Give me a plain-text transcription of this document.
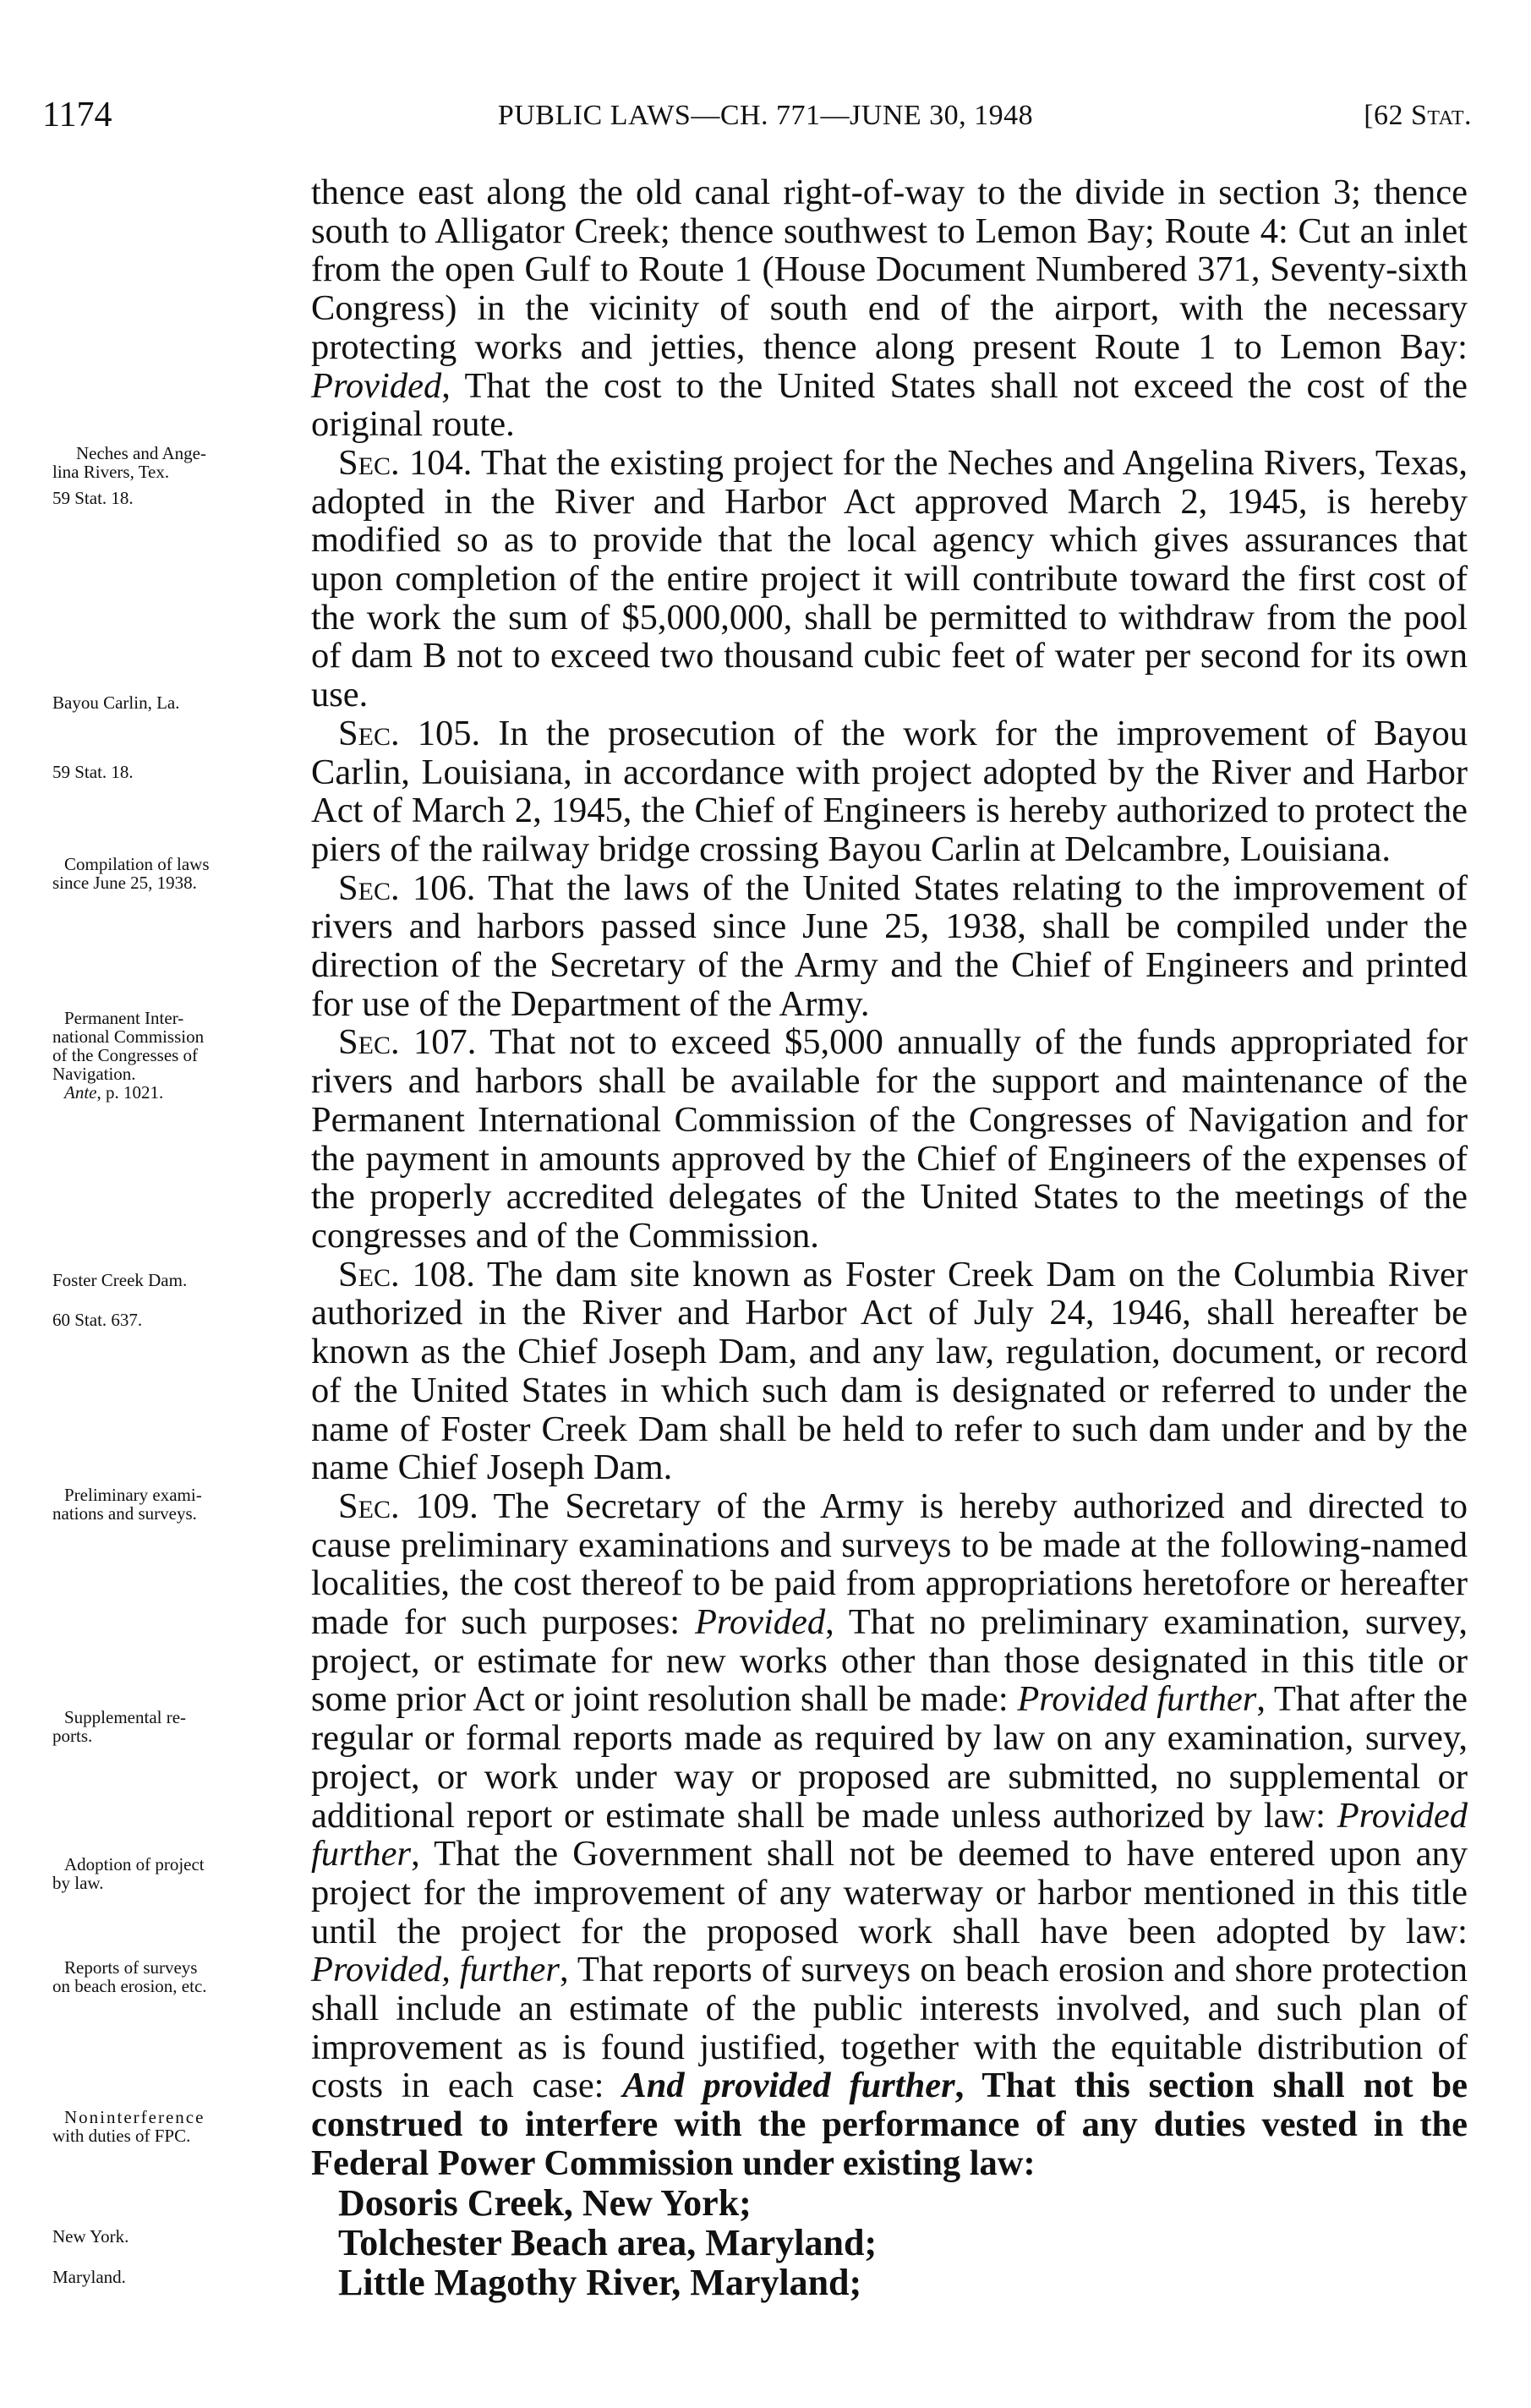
1174	PUBLIC LAWS—CH. 771—JUNE 30, 1948	[62 Stat.
Neches and Ange-
lina Rivers, Tex.
59 Stat. 18.
Bayou Carlin, La.
59 Stat. 18.
Compilation of laws
since June 25, 1938.
Permanent Inter-
national Commission
of the Congresses of
Navigation.
Ante, p. 1021.
Foster Creek Dam.
60 Stat. 637.
Preliminary exami-
nations and surveys.
Supplemental re-
ports.
Adoption of project
by law.
Reports of surveys
on beach erosion, etc.
Noninterference
with duties of FPC.
New York.
Maryland.

thence east along the old canal right-of-way to the divide in section 3; thence south to Alligator Creek; thence southwest to Lemon Bay; Route 4: Cut an inlet from the open Gulf to Route 1 (House Document Numbered 371, Seventy-sixth Congress) in the vicinity of south end of the airport, with the necessary protecting works and jetties, thence along present Route 1 to Lemon Bay: Provided, That the cost to the United States shall not exceed the cost of the original route.

Sec. 104. That the existing project for the Neches and Angelina Rivers, Texas, adopted in the River and Harbor Act approved March 2, 1945, is hereby modified so as to provide that the local agency which gives assurances that upon completion of the entire project it will contribute toward the first cost of the work the sum of $5,000,000, shall be permitted to withdraw from the pool of dam B not to exceed two thousand cubic feet of water per second for its own use.

Sec. 105. In the prosecution of the work for the improvement of Bayou Carlin, Louisiana, in accordance with project adopted by the River and Harbor Act of March 2, 1945, the Chief of Engineers is hereby authorized to protect the piers of the railway bridge crossing Bayou Carlin at Delcambre, Louisiana.

Sec. 106. That the laws of the United States relating to the improvement of rivers and harbors passed since June 25, 1938, shall be compiled under the direction of the Secretary of the Army and the Chief of Engineers and printed for use of the Department of the Army.

Sec. 107. That not to exceed $5,000 annually of the funds appropriated for rivers and harbors shall be available for the support and maintenance of the Permanent International Commission of the Congresses of Navigation and for the payment in amounts approved by the Chief of Engineers of the expenses of the properly accredited delegates of the United States to the meetings of the congresses and of the Commission.

Sec. 108. The dam site known as Foster Creek Dam on the Columbia River authorized in the River and Harbor Act of July 24, 1946, shall hereafter be known as the Chief Joseph Dam, and any law, regulation, document, or record of the United States in which such dam is designated or referred to under the name of Foster Creek Dam shall be held to refer to such dam under and by the name Chief Joseph Dam.

Sec. 109. The Secretary of the Army is hereby authorized and directed to cause preliminary examinations and surveys to be made at the following-named localities, the cost thereof to be paid from appropriations heretofore or hereafter made for such purposes: Provided, That no preliminary examination, survey, project, or estimate for new works other than those designated in this title or some prior Act or joint resolution shall be made: Provided further, That after the regular or formal reports made as required by law on any examination, survey, project, or work under way or proposed are submitted, no supplemental or additional report or estimate shall be made unless authorized by law: Provided further, That the Government shall not be deemed to have entered upon any project for the improvement of any waterway or harbor mentioned in this title until the project for the proposed work shall have been adopted by law: Provided, further, That reports of surveys on beach erosion and shore protection shall include an estimate of the public interests involved, and such plan of improvement as is found justified, together with the equitable distribution of costs in each case: And provided further, That this section shall not be construed to interfere with the performance of any duties vested in the Federal Power Commission under existing law:

Dosoris Creek, New York;
Tolchester Beach area, Maryland;
Little Magothy River, Maryland;
